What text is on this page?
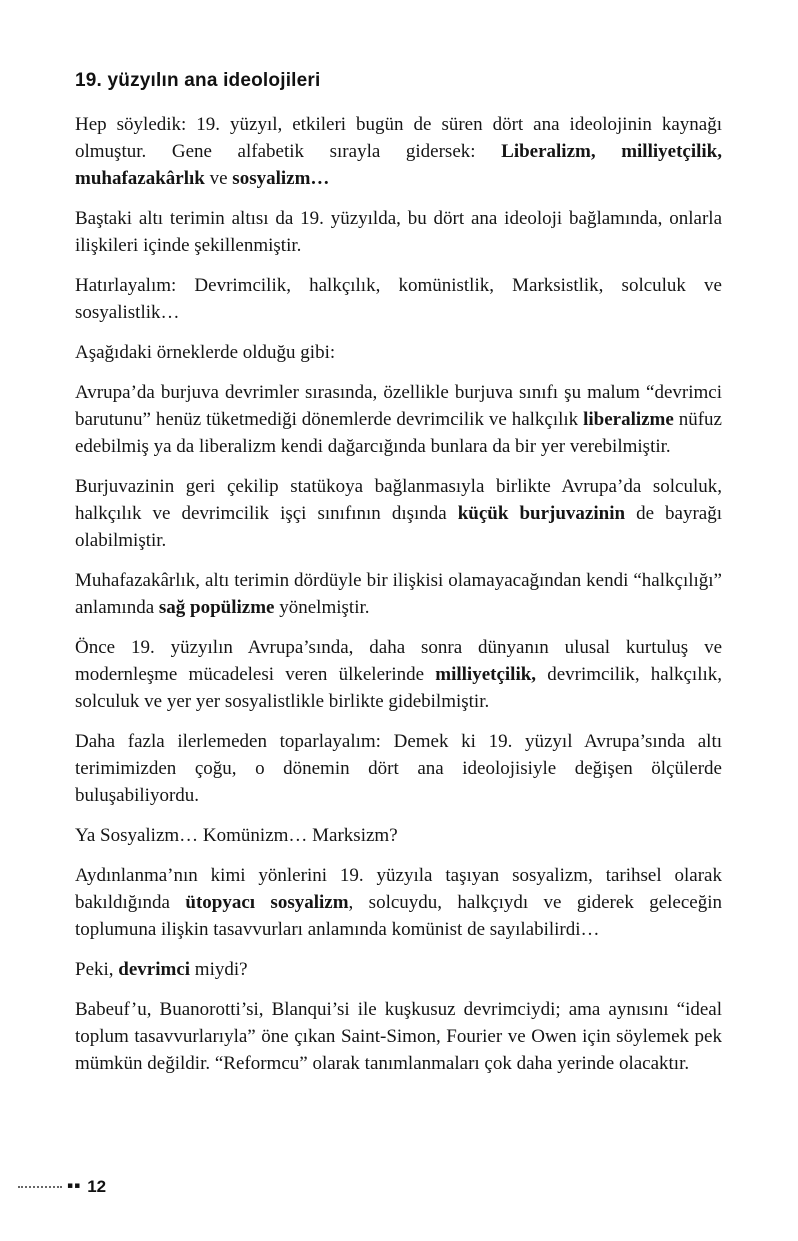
19. yüzyılın ana ideolojileri

Hep söyledik: 19. yüzyıl, etkileri bugün de süren dört ana ideolojinin kaynağı olmuştur. Gene alfabetik sırayla gidersek: Liberalizm, milliyetçilik, muhafazakârlık ve sosyalizm…

Baştaki altı terimin altısı da 19. yüzyılda, bu dört ana ideoloji bağlamında, onlarla ilişkileri içinde şekillenmiştir.

Hatırlayalım: Devrimcilik, halkçılık, komünistlik, Marksistlik, solculuk ve sosyalistlik…

Aşağıdaki örneklerde olduğu gibi:

Avrupa’da burjuva devrimler sırasında, özellikle burjuva sınıfı şu malum “devrimci barutunu” henüz tüketmediği dönemlerde devrimcilik ve halkçılık liberalizme nüfuz edebilmiş ya da liberalizm kendi dağarcığında bunlara da bir yer verebilmiştir.

Burjuvazinin geri çekilip statükoya bağlanmasıyla birlikte Avrupa’da solculuk, halkçılık ve devrimcilik işçi sınıfının dışında küçük burjuvazinin de bayrağı olabilmiştir.

Muhafazakârlık, altı terimin dördüyle bir ilişkisi olamayacağından kendi “halkçılığı” anlamında sağ popülizme yönelmiştir.

Önce 19. yüzyılın Avrupa’sında, daha sonra dünyanın ulusal kurtuluş ve modernleşme mücadelesi veren ülkelerinde milliyetçilik, devrimcilik, halkçılık, solculuk ve yer yer sosyalistlikle birlikte gidebilmiştir.

Daha fazla ilerlemeden toparlayalım: Demek ki 19. yüzyıl Avrupa’sında altı terimimizden çoğu, o dönemin dört ana ideolojisiyle değişen ölçülerde buluşabiliyordu.

Ya Sosyalizm… Komünizm… Marksizm?

Aydınlanma’nın kimi yönlerini 19. yüzyıla taşıyan sosyalizm, tarihsel olarak bakıldığında ütopyacı sosyalizm, solcuydu, halkçıydı ve giderek geleceğin toplumuna ilişkin tasavvurları anlamında komünist de sayılabilirdi…

Peki, devrimci miydi?

Babeuf’u, Buanorotti’si, Blanqui’si ile kuşkusuz devrimciydi; ama aynısını “ideal toplum tasavvurlarıyla” öne çıkan Saint-Simon, Fourier ve Owen için söylemek pek mümkün değildir. “Reformcu” olarak tanımlanmaları çok daha yerinde olacaktır.

▪▪ 12
